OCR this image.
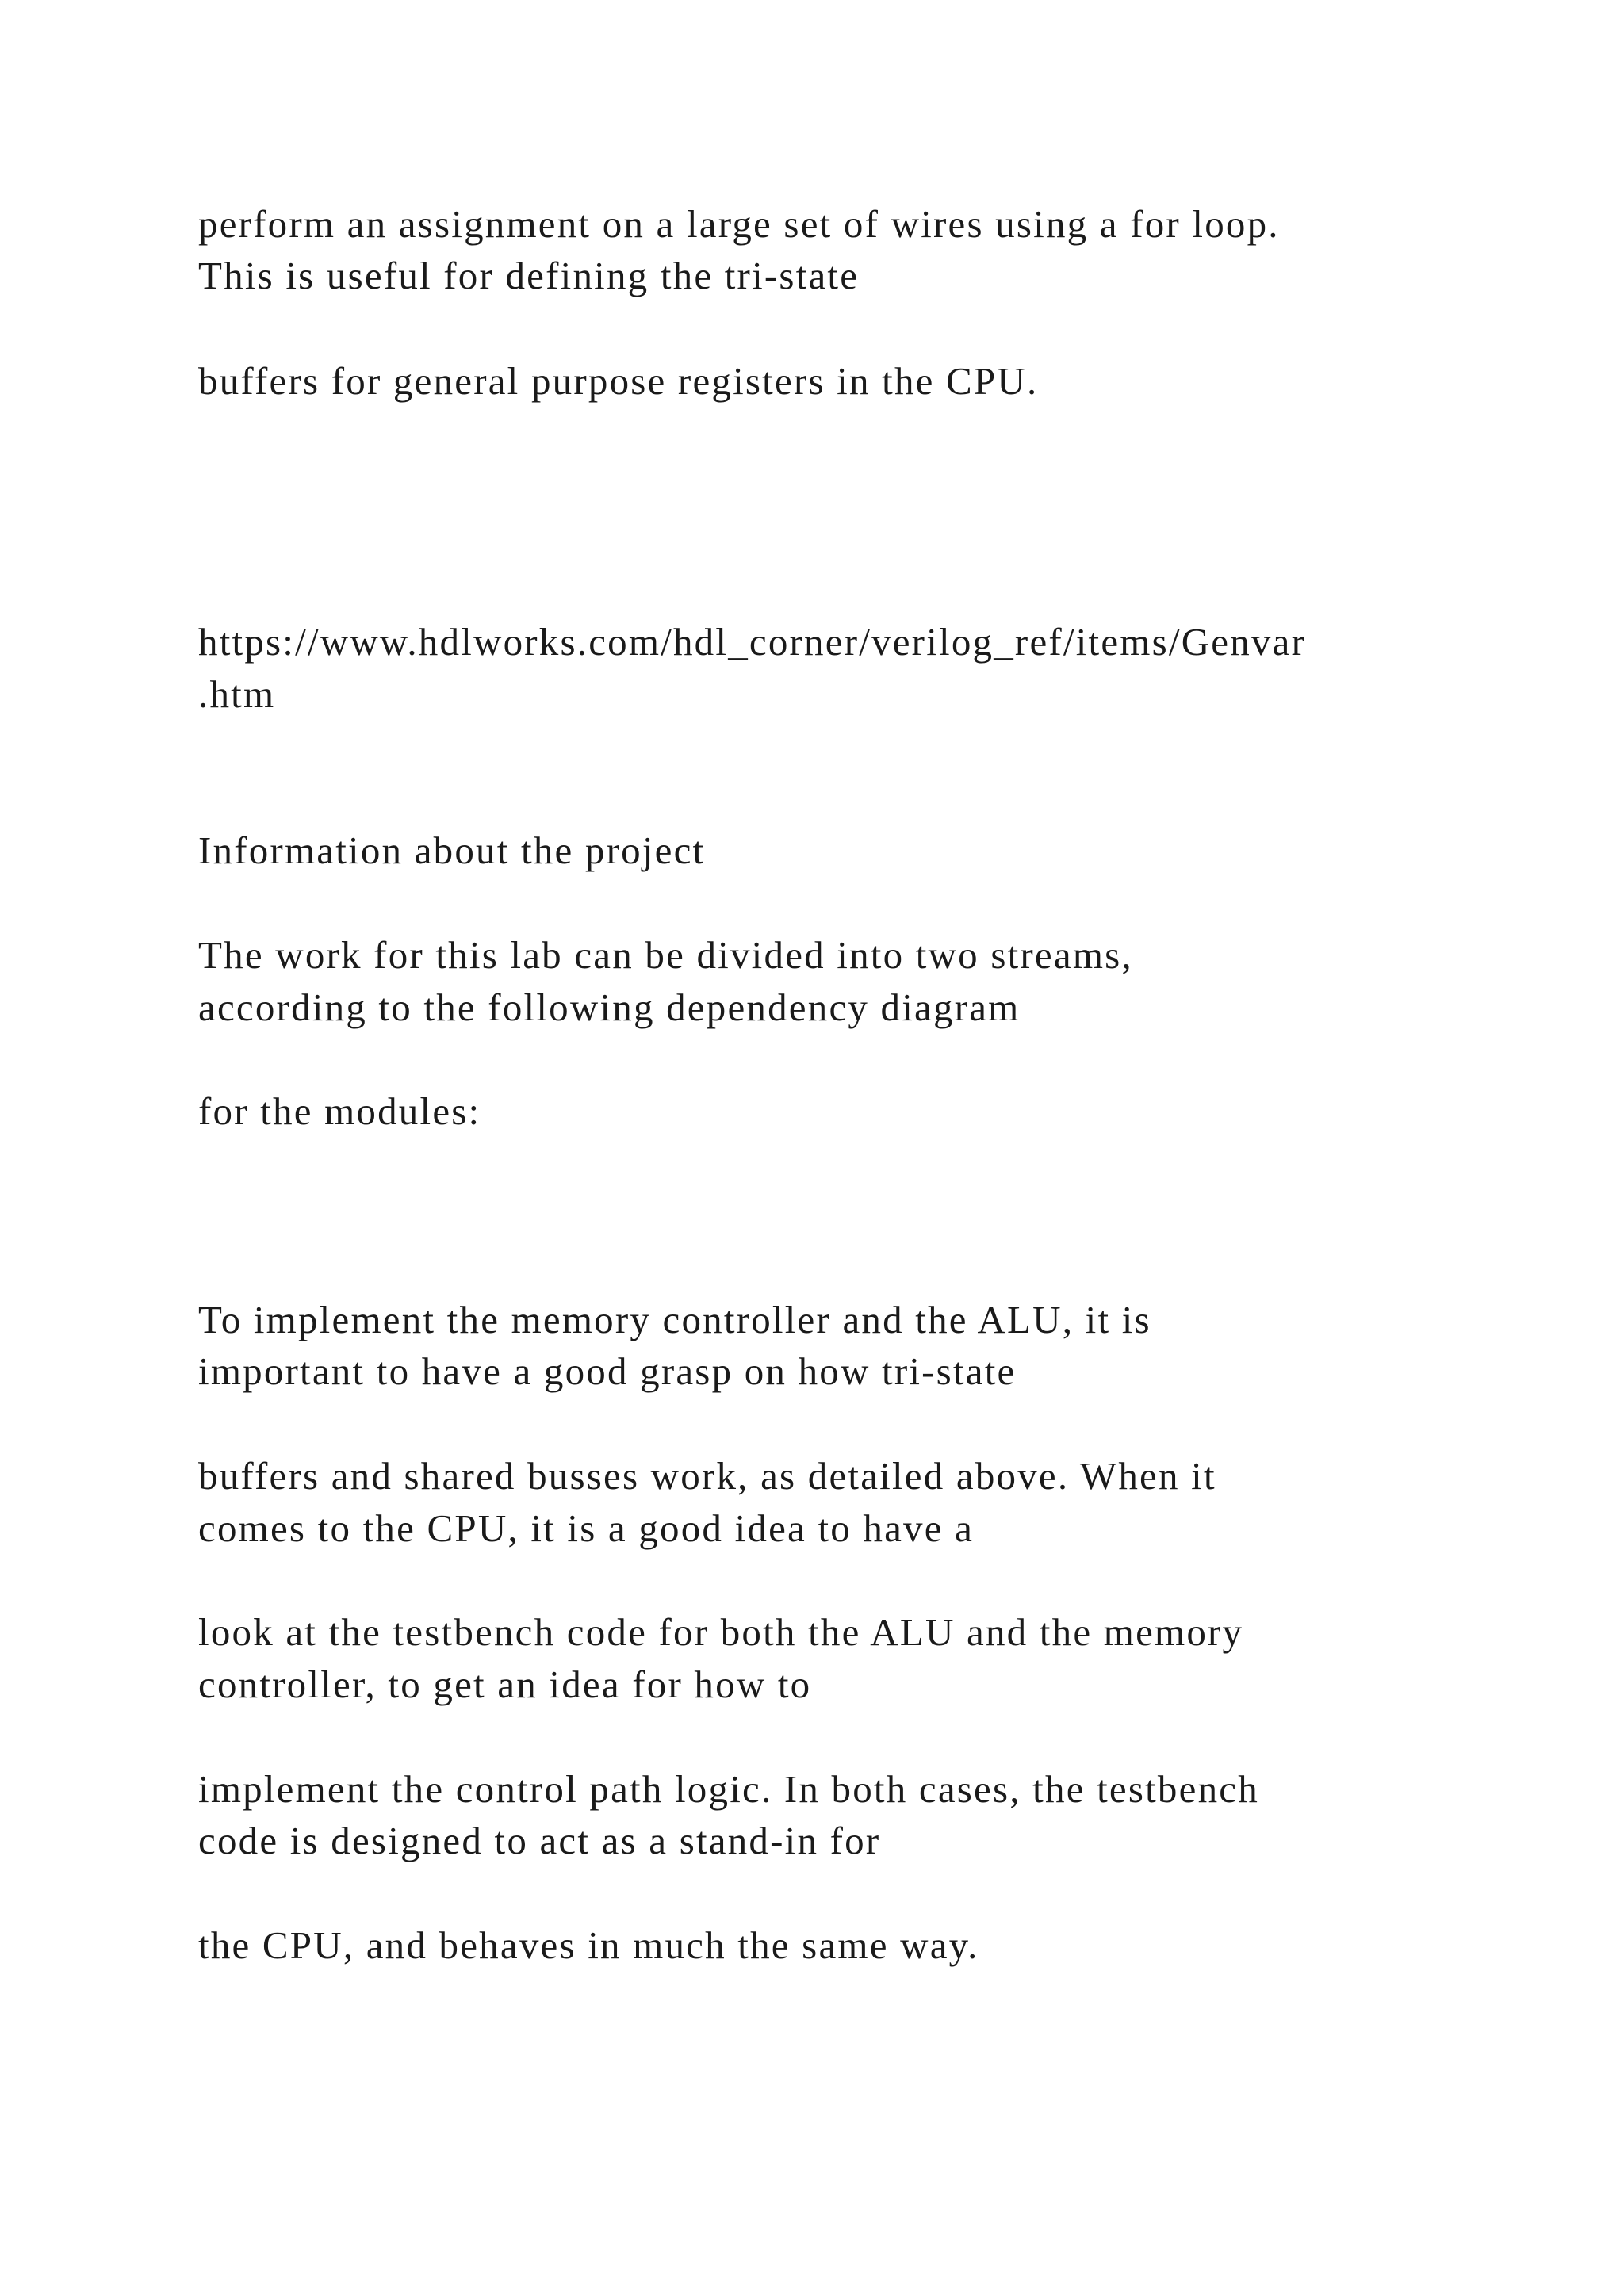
perform an assignment on a large set of wires using a for loop.

This is useful for defining the tri-state

buffers for general purpose registers in the CPU.

https://www.hdlworks.com/hdl_corner/verilog_ref/items/Genvar

.htm

Information about the project

The work for this lab can be divided into two streams,

according to the following dependency diagram

for the modules:

To implement the memory controller and the ALU, it is

important to have a good grasp on how tri-state

buffers and shared busses work, as detailed above. When it

comes to the CPU, it is a good idea to have a

look at the testbench code for both the ALU and the memory

controller, to get an idea for how to

implement the control path logic. In both cases, the testbench

code is designed to act as a stand-in for

the CPU, and behaves in much the same way.
